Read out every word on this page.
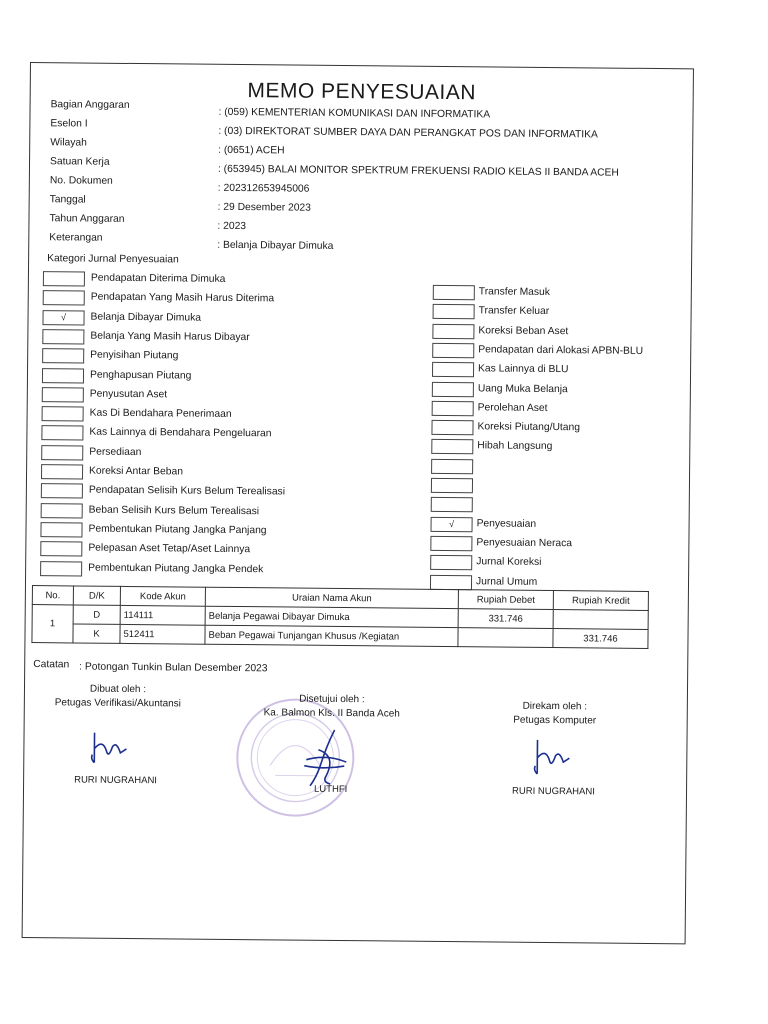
MEMO PENYESUAIAN
Bagian Anggaran
: (059) KEMENTERIAN KOMUNIKASI DAN INFORMATIKA
Eselon I
: (03) DIREKTORAT SUMBER DAYA DAN PERANGKAT POS DAN INFORMATIKA
Wilayah
: (0651) ACEH
Satuan Kerja
: (653945) BALAI MONITOR SPEKTRUM FREKUENSI RADIO KELAS II BANDA ACEH
No. Dokumen
: 202312653945006
Tanggal
: 29 Desember 2023
Tahun Anggaran
: 2023
Keterangan
: Belanja Dibayar Dimuka
Kategori Jurnal Penyesuaian
Pendapatan Diterima Dimuka
Pendapatan Yang Masih Harus Diterima
√	Belanja Dibayar Dimuka
Belanja Yang Masih Harus Dibayar
Penyisihan Piutang
Penghapusan Piutang
Penyusutan Aset
Kas Di Bendahara Penerimaan
Kas Lainnya di Bendahara Pengeluaran
Persediaan
Koreksi Antar Beban
Pendapatan Selisih Kurs Belum Terealisasi
Beban Selisih Kurs Belum Terealisasi
Pembentukan Piutang Jangka Panjang
Pelepasan Aset Tetap/Aset Lainnya
Pembentukan Piutang Jangka Pendek
Transfer Masuk
Transfer Keluar
Koreksi Beban Aset
Pendapatan dari Alokasi APBN-BLU
Kas Lainnya di BLU
Uang Muka Belanja
Perolehan Aset
Koreksi Piutang/Utang
Hibah Langsung
√	Penyesuaian
Penyesuaian Neraca
Jurnal Koreksi
Jurnal Umum
No.	D/K	Kode Akun	Uraian Nama Akun	Rupiah Debet	Rupiah Kredit
1	D	114111	Belanja Pegawai Dibayar Dimuka	331.746	
	K	512411	Beban Pegawai Tunjangan Khusus /Kegiatan		331.746
Catatan : Potongan Tunkin Bulan Desember 2023
Dibuat oleh :
Petugas Verifikasi/Akuntansi
RURI NUGRAHANI
Disetujui oleh :
Ka. Balmon Kls. II Banda Aceh
LUTHFI
Direkam oleh :
Petugas Komputer
RURI NUGRAHANI
